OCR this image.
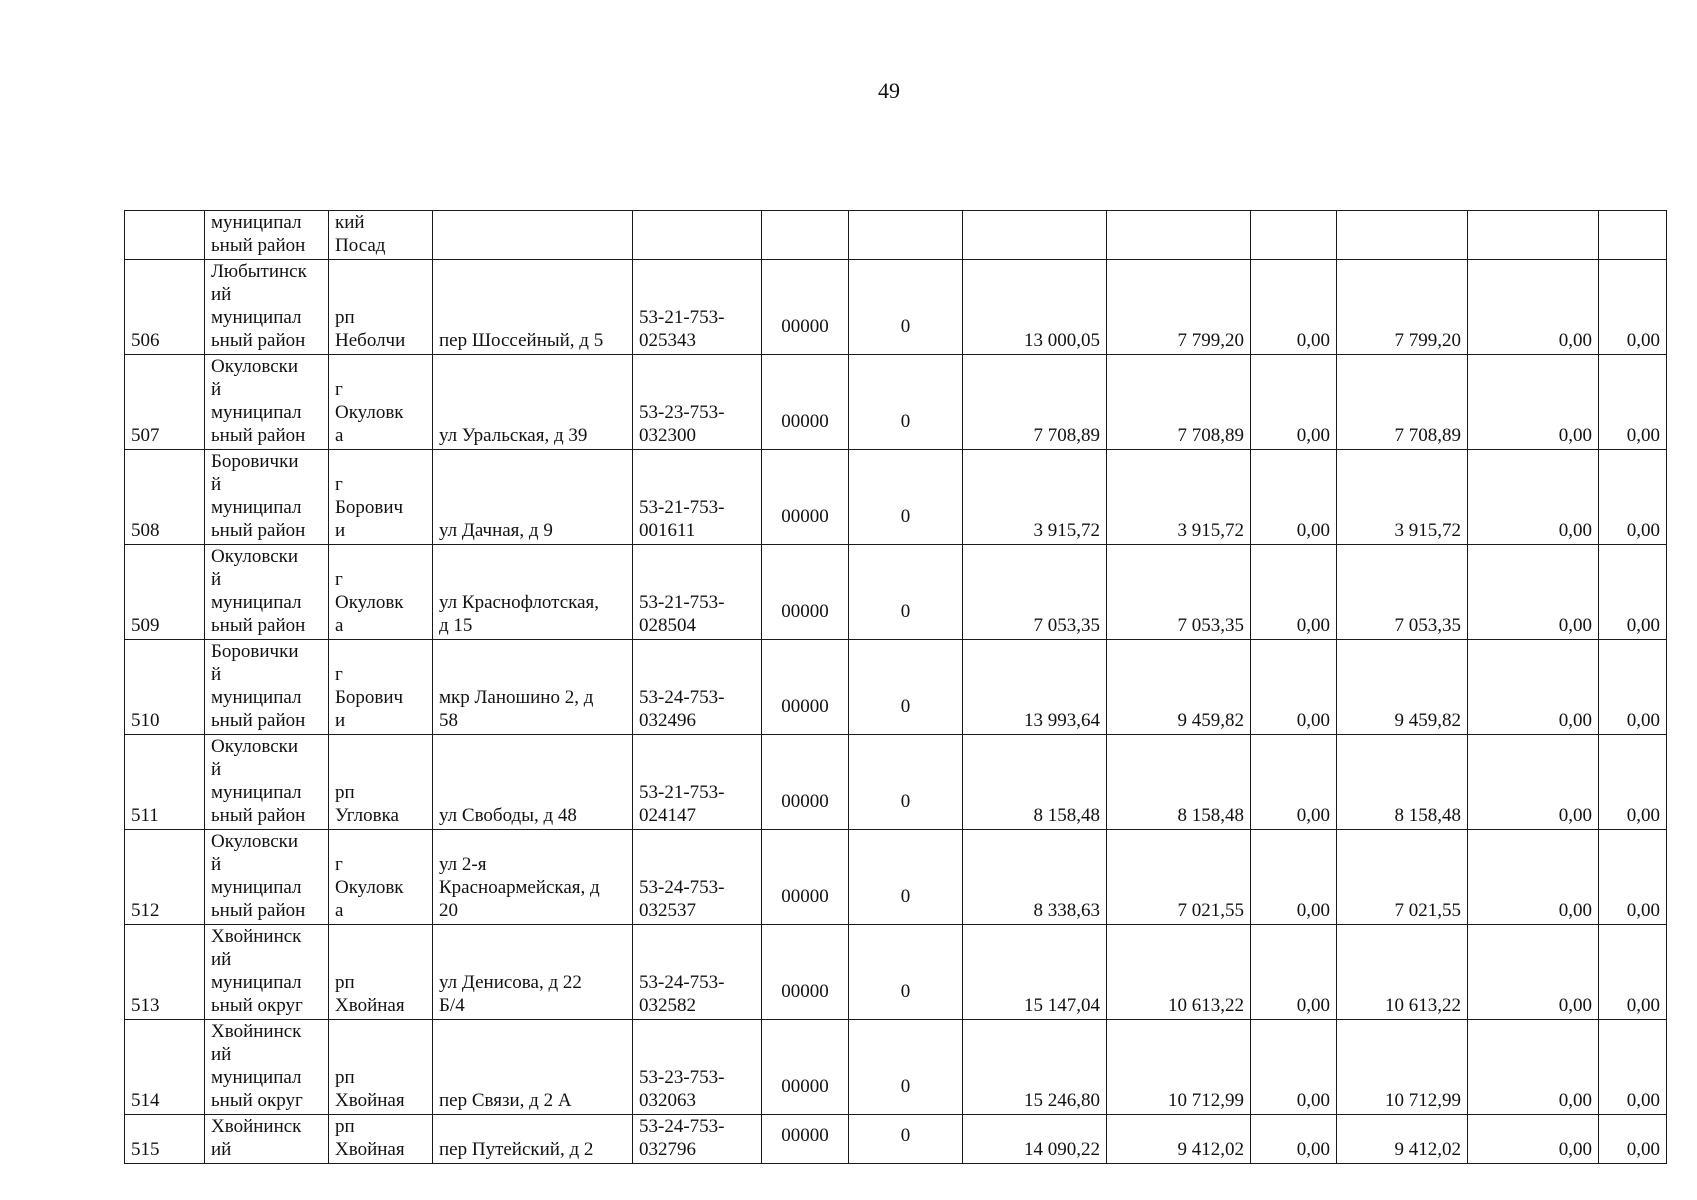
49

	муниципал
ьный район	кий
Посад										

506	Любытинск
ий
муниципал
ьный район	рп
Неболчи	пер Шоссейный, д 5	53-21-753-
025343	00000	0	13 000,05	7 799,20	0,00	7 799,20	0,00	0,00

507	Окуловски
й
муниципал
ьный район	г
Окуловк
а	ул Уральская, д 39	53-23-753-
032300	00000	0	7 708,89	7 708,89	0,00	7 708,89	0,00	0,00

508	Боровички
й
муниципал
ьный район	г
Борович
и	ул Дачная, д 9	53-21-753-
001611	00000	0	3 915,72	3 915,72	0,00	3 915,72	0,00	0,00

509	Окуловски
й
муниципал
ьный район	г
Окуловк
а	ул Краснофлотская,
д 15	53-21-753-
028504	00000	0	7 053,35	7 053,35	0,00	7 053,35	0,00	0,00

510	Боровички
й
муниципал
ьный район	г
Борович
и	мкр Ланошино 2, д
58	53-24-753-
032496	00000	0	13 993,64	9 459,82	0,00	9 459,82	0,00	0,00

511	Окуловски
й
муниципал
ьный район	рп
Угловка	ул Свободы, д 48	53-21-753-
024147	00000	0	8 158,48	8 158,48	0,00	8 158,48	0,00	0,00

512	Окуловски
й
муниципал
ьный район	г
Окуловк
а	ул 2-я
Красноармейская, д
20	53-24-753-
032537	00000	0	8 338,63	7 021,55	0,00	7 021,55	0,00	0,00

513	Хвойнинск
ий
муниципал
ьный округ	рп
Хвойная	ул Денисова, д 22
Б/4	53-24-753-
032582	00000	0	15 147,04	10 613,22	0,00	10 613,22	0,00	0,00

514	Хвойнинск
ий
муниципал
ьный округ	рп
Хвойная	пер Связи, д 2 А	53-23-753-
032063	00000	0	15 246,80	10 712,99	0,00	10 712,99	0,00	0,00

515	Хвойнинск
ий	рп
Хвойная	пер Путейский, д 2	53-24-753-
032796	00000	0	14 090,22	9 412,02	0,00	9 412,02	0,00	0,00
